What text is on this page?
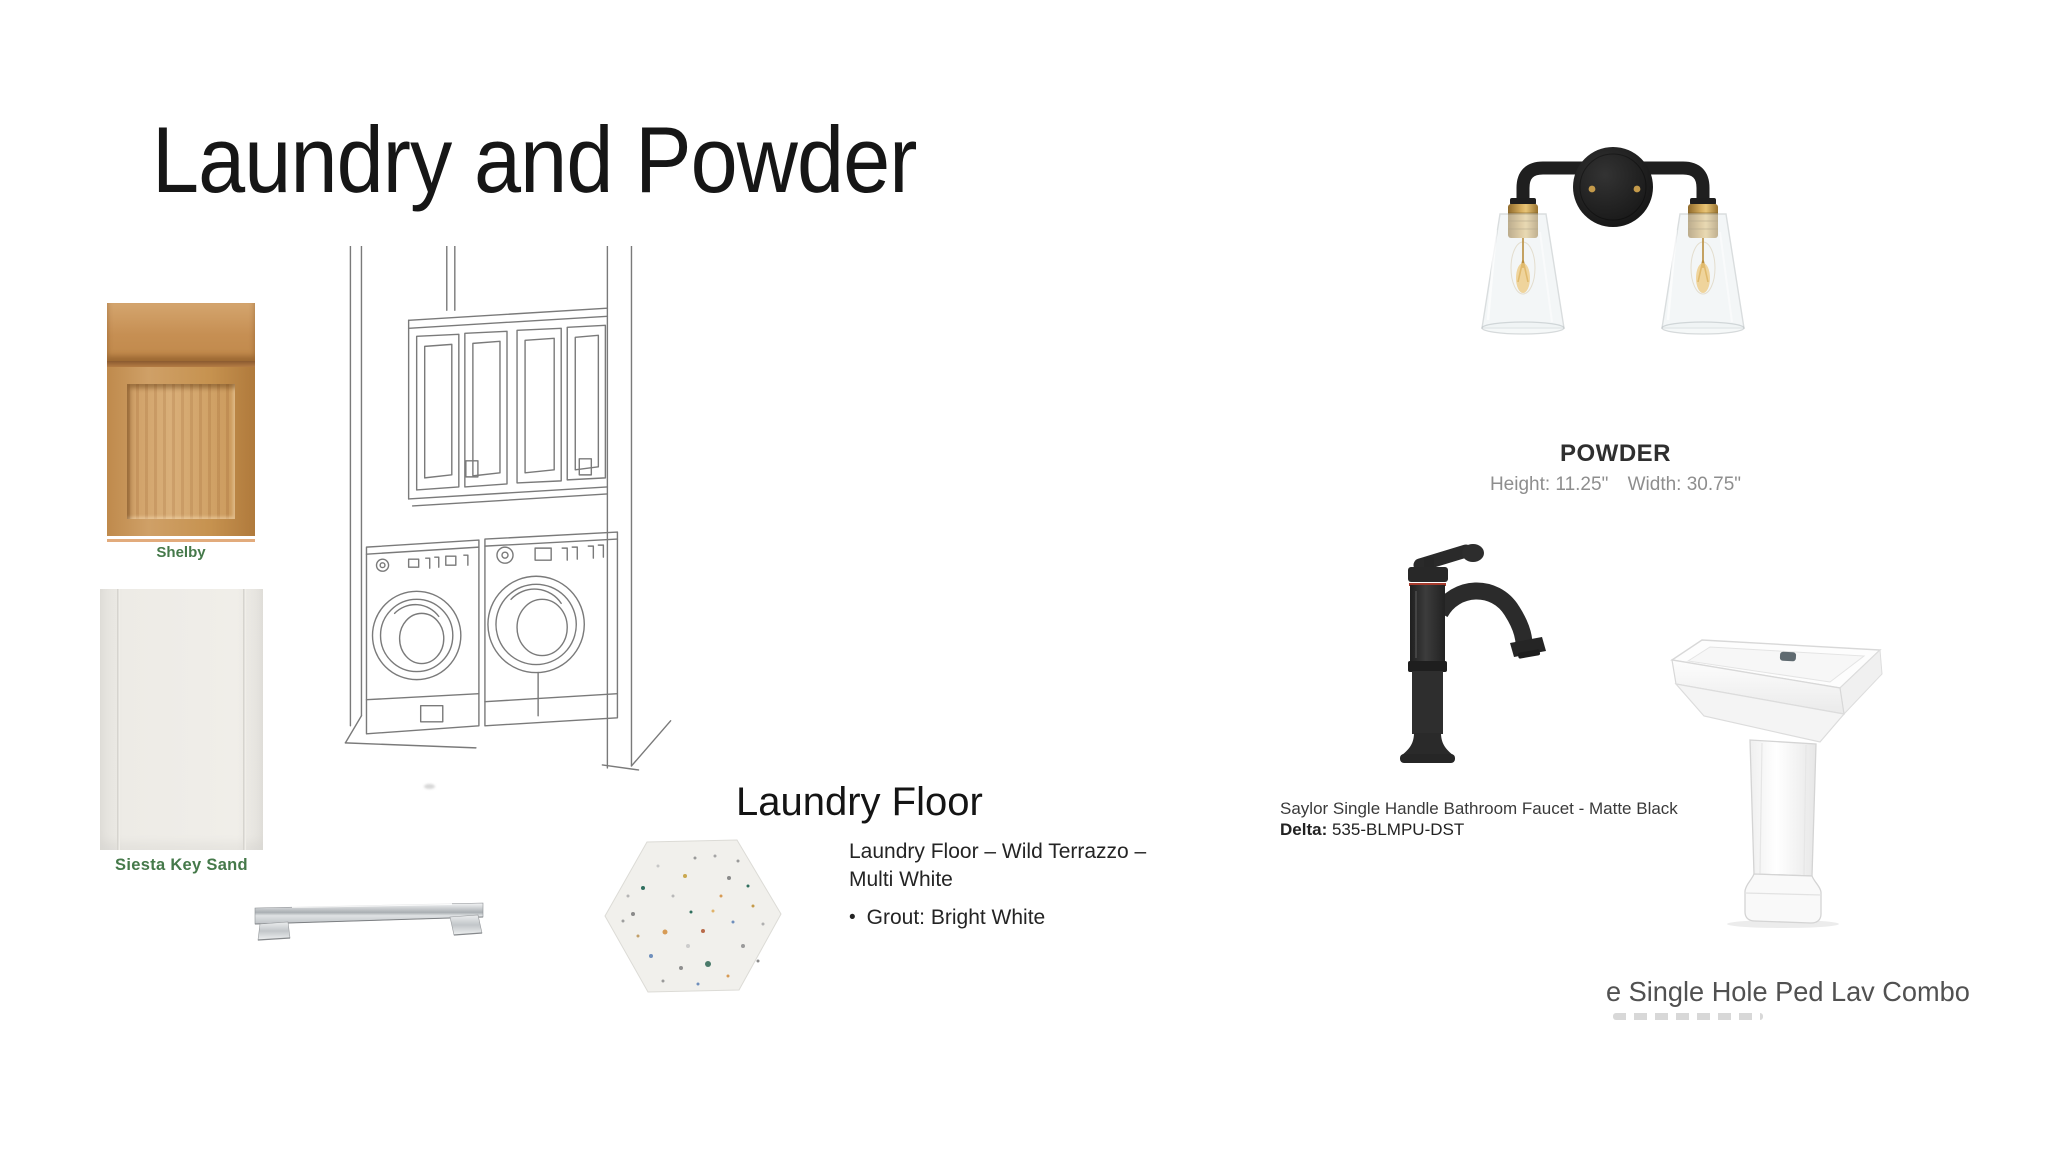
Laundry and Powder
Shelby
Siesta Key Sand
Laundry Floor
Laundry Floor – Wild Terrazzo –
Multi White
• Grout: Bright White
POWDER
Height: 11.25" Width: 30.75"
Saylor Single Handle Bathroom Faucet - Matte Black
Delta: 535-BLMPU-DST
e Single Hole Ped Lav Combo
